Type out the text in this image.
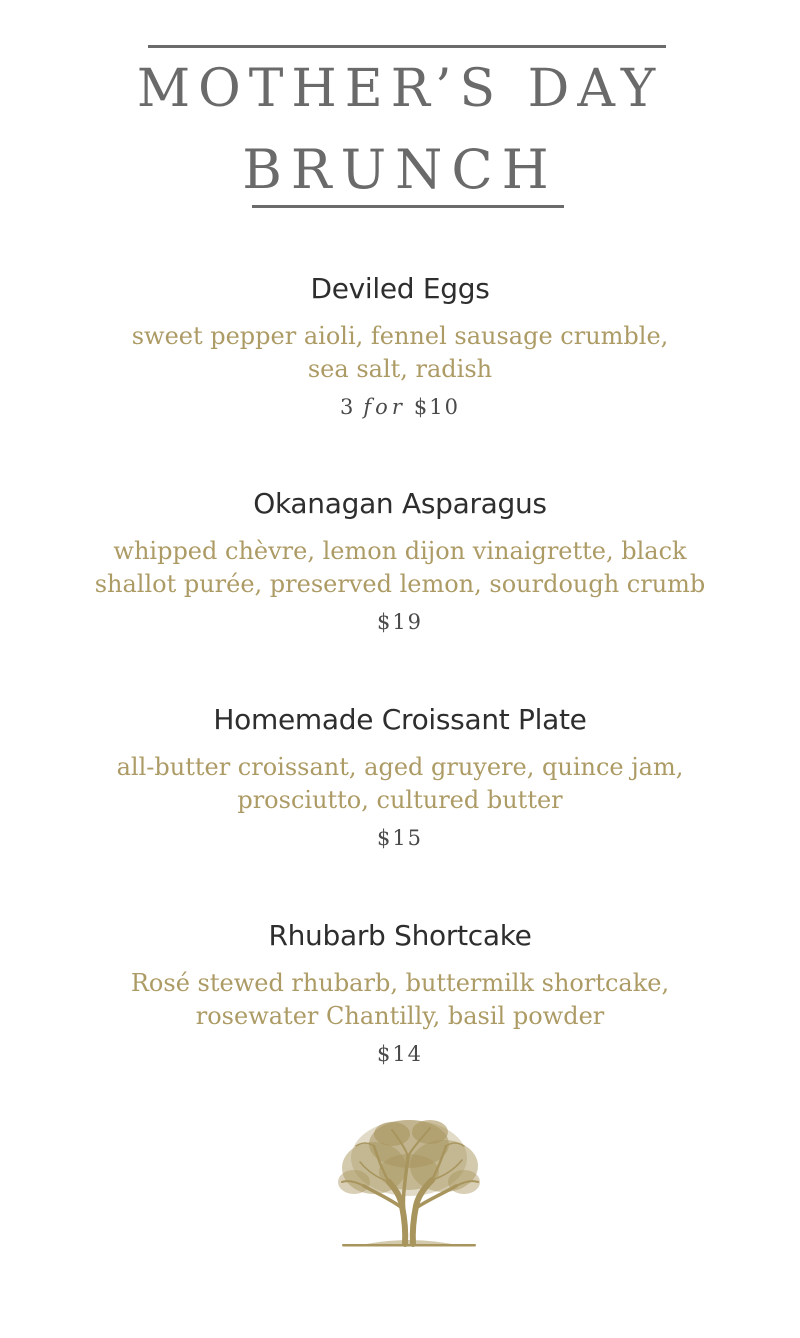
MOTHER’S DAY
BRUNCH
Deviled Eggs

sweet pepper aioli, fennel sausage crumble,
sea salt, radish

3 for $10

Okanagan Asparagus

whipped chèvre, lemon dijon vinaigrette, black
shallot purée, preserved lemon, sourdough crumb

$19

Homemade Croissant Plate

all-butter croissant, aged gruyere, quince jam,
prosciutto, cultured butter

$15

Rhubarb Shortcake

Rosé stewed rhubarb, buttermilk shortcake,
rosewater Chantilly, basil powder

$14
